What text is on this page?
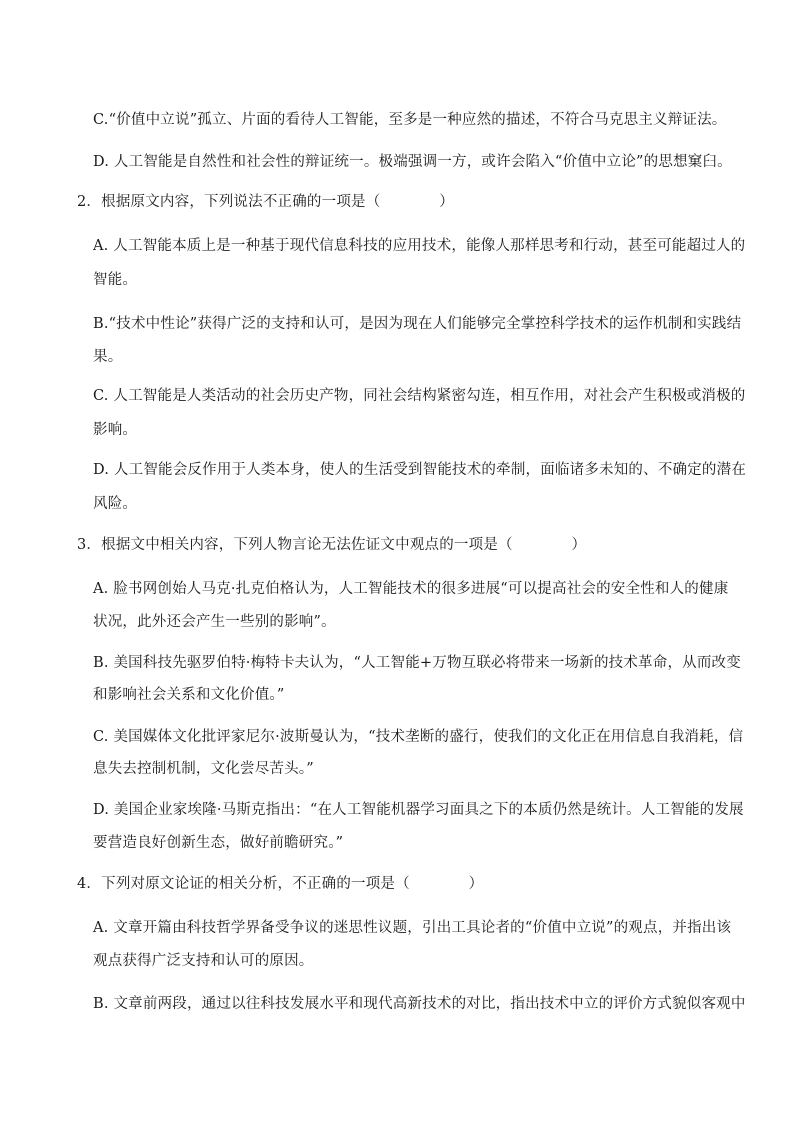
C.“价值中立说”孤立、片面的看待人工智能，至多是一种应然的描述，不符合马克思主义辩证法。
D. 人工智能是自然性和社会性的辩证统一。极端强调一方，或许会陷入“价值中立论”的思想窠臼。
2．根据原文内容，下列说法不正确的一项是（　　　　）
A. 人工智能本质上是一种基于现代信息科技的应用技术，能像人那样思考和行动，甚至可能超过人的
智能。
B.“技术中性论”获得广泛的支持和认可，是因为现在人们能够完全掌控科学技术的运作机制和实践结
果。
C. 人工智能是人类活动的社会历史产物，同社会结构紧密勾连，相互作用，对社会产生积极或消极的
影响。
D. 人工智能会反作用于人类本身，使人的生活受到智能技术的牵制，面临诸多未知的、不确定的潜在
风险。
3．根据文中相关内容，下列人物言论无法佐证文中观点的一项是（　　　　）
A. 脸书网创始人马克·扎克伯格认为，人工智能技术的很多进展“可以提高社会的安全性和人的健康
状况，此外还会产生一些别的影响”。
B. 美国科技先驱罗伯特·梅特卡夫认为，“人工智能+万物互联必将带来一场新的技术革命，从而改变
和影响社会关系和文化价值。”
C. 美国媒体文化批评家尼尔·波斯曼认为，“技术垄断的盛行，使我们的文化正在用信息自我消耗，信
息失去控制机制，文化尝尽苦头。”
D. 美国企业家埃隆·马斯克指出：“在人工智能机器学习面具之下的本质仍然是统计。人工智能的发展
要营造良好创新生态，做好前瞻研究。”
4．下列对原文论证的相关分析，不正确的一项是（　　　　）
A. 文章开篇由科技哲学界备受争议的迷思性议题，引出工具论者的“价值中立说”的观点，并指出该
观点获得广泛支持和认可的原因。
B. 文章前两段，通过以往科技发展水平和现代高新技术的对比，指出技术中立的评价方式貌似客观中
